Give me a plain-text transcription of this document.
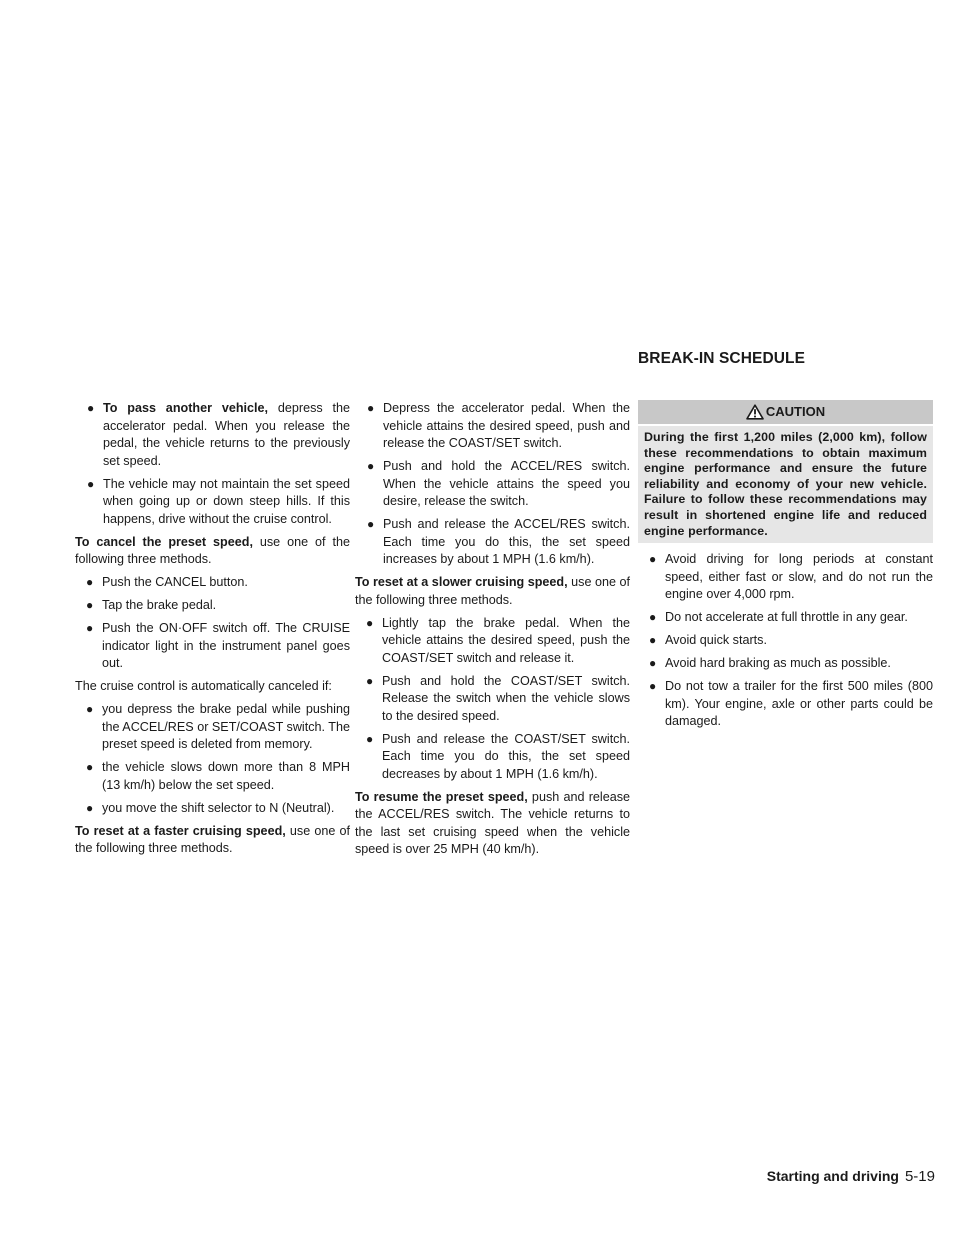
BREAK-IN SCHEDULE
● To pass another vehicle, depress the accelerator pedal. When you release the pedal, the vehicle returns to the previously set speed.
● The vehicle may not maintain the set speed when going up or down steep hills. If this happens, drive without the cruise control.
To cancel the preset speed, use one of the following three methods.
● Push the CANCEL button.
● Tap the brake pedal.
● Push the ON·OFF switch off. The CRUISE indicator light in the instrument panel goes out.
The cruise control is automatically canceled if:
● you depress the brake pedal while pushing the ACCEL/RES or SET/COAST switch. The preset speed is deleted from memory.
● the vehicle slows down more than 8 MPH (13 km/h) below the set speed.
● you move the shift selector to N (Neutral).
To reset at a faster cruising speed, use one of the following three methods.
● Depress the accelerator pedal. When the vehicle attains the desired speed, push and release the COAST/SET switch.
● Push and hold the ACCEL/RES switch. When the vehicle attains the speed you desire, release the switch.
● Push and release the ACCEL/RES switch. Each time you do this, the set speed increases by about 1 MPH (1.6 km/h).
To reset at a slower cruising speed, use one of the following three methods.
● Lightly tap the brake pedal. When the vehicle attains the desired speed, push the COAST/SET switch and release it.
● Push and hold the COAST/SET switch. Release the switch when the vehicle slows to the desired speed.
● Push and release the COAST/SET switch. Each time you do this, the set speed decreases by about 1 MPH (1.6 km/h).
To resume the preset speed, push and release the ACCEL/RES switch. The vehicle returns to the last set cruising speed when the vehicle speed is over 25 MPH (40 km/h).
CAUTION
During the first 1,200 miles (2,000 km), follow these recommendations to obtain maximum engine performance and ensure the future reliability and economy of your new vehicle. Failure to follow these recommendations may result in shortened engine life and reduced engine performance.
● Avoid driving for long periods at constant speed, either fast or slow, and do not run the engine over 4,000 rpm.
● Do not accelerate at full throttle in any gear.
● Avoid quick starts.
● Avoid hard braking as much as possible.
● Do not tow a trailer for the first 500 miles (800 km). Your engine, axle or other parts could be damaged.
Starting and driving 5-19
